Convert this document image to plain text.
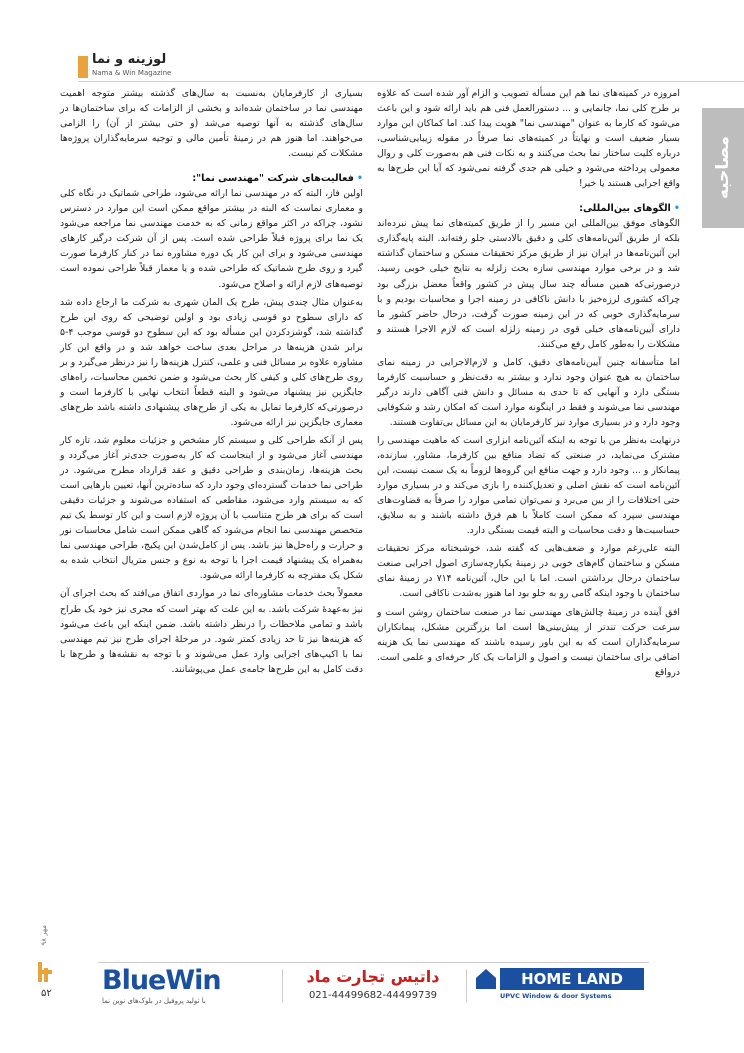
لوزینه و نما
Nama & Win Magazine
مصاحبه

امروزه در کمیته‌های نما هم این مسأله تصویب و الزام آور شده است که علاوه بر طرح کلی نما، جانمایی و ... دستورالعمل فنی هم باید ارائه شود و این باعث می‌شود که کارما به عنوان "مهندسی نما" هویت پیدا کند. اما کماکان این موارد بسیار ضعیف است و نهایتاً در کمیته‌های نما صرفاً در مقوله زیبایی‌شناسی، درباره کلیت ساختار نما بحث می‌کنند و به نکات فنی هم به‌صورت کلی و روال معمولی پرداخته می‌شود و خیلی هم جدی گرفته نمی‌شود که آیا این طرح‌ها به واقع اجرایی هستند یا خیر!

•الگوهای بین‌المللی:

الگوهای موفق بین‌المللی این مسیر را از طریق کمیته‌های نما پیش نبرده‌اند بلکه از طریق آئین‌نامه‌های کلی و دقیق بالادستی جلو رفته‌اند. البته پایه‌گذاری این آئین‌نامه‌ها در ایران نیز از طریق مرکز تحقیقات مسکن و ساختمان گذاشته شد و در برخی موارد مهندسی سازه بحث زلزله به نتایج خیلی خوبی رسید. درصورتی‌که همین مسأله چند سال پیش در کشور واقعاً معضل بزرگی بود چراکه کشوری لرزه‌خیز با دانش ناکافی در زمینه اجرا و محاسبات بودیم و با سرمایه‌گذاری خوبی که در این زمینه صورت گرفت، درحال حاضر کشور ما دارای آیین‌نامه‌های خیلی قوی در زمینه زلزله است که لازم الاجرا هستند و مشکلات را به‌طور کامل رفع می‌کنند.

اما متأسفانه چنین آیین‌نامه‌های دقیق، کامل و لازم‌الاجرایی در زمینه نمای ساختمان به هیچ عنوان وجود ندارد و بیشتر به دقت‌نظر و حساسیت کارفرما بستگی دارد و آنهایی که تا حدی به مسائل و دانش فنی آگاهی دارند درگیر مهندسی نما می‌شوند و فقط در اینگونه موارد است که امکان رشد و شکوفایی وجود دارد و در بسیاری موارد نیز کارفرمایان به این مسائل بی‌تفاوت هستند.

درنهایت به‌نظر من با توجه به اینکه آئین‌نامه ابزاری است که ماهیت مهندسی را مشترک می‌نماید، در صنعتی که تضاد منافع بین کارفرما، مشاور، سازنده، پیمانکار و ... وجود دارد و جهت منافع این گروه‌ها لزوماً به یک سمت نیست، این آئین‌نامه است که نقش اصلی و تعدیل‌کننده را بازی می‌کند و در بسیاری موارد حتی اختلافات را از بین می‌برد و نمی‌توان تمامی موارد را صرفاً به قضاوت‌های مهندسی سپرد که ممکن است کاملاً با هم فرق داشته باشند و به سلایق، حساسیت‌ها و دقت محاسبات و البته قیمت بستگی دارد.

البته علی‌رغم موارد و ضعف‌هایی که گفته شد، خوشبختانه مرکز تحقیقات مسکن و ساختمان گام‌های خوبی در زمینهٔ یکپارچه‌سازی اصول اجرایی صنعت ساختمان درحال برداشتن است. اما با این حال، آئین‌نامه ۷۱۴ در زمینهٔ نمای ساختمان با وجود اینکه گامی رو به جلو بود اما هنوز به‌شدت ناکافی است.

افق آینده در زمینهٔ چالش‌های مهندسی نما در صنعت ساختمان روشن است و سرعت حرکت تندتر از پیش‌بینی‌ها است اما بزرگترین مشکل، پیمانکاران سرمایه‌گذاران است که به این باور رسیده باشند که مهندسی نما یک هزینه اضافی برای ساختمان نیست و اصول و الزامات یک کار حرفه‌ای و علمی است. درواقع

بسیاری از کارفرمایان به‌نسبت به سال‌های گذشته بیشتر متوجه اهمیت مهندسی نما در ساختمان شده‌اند و بخشی از الزامات که برای ساختمان‌ها در سال‌های گذشته به آنها توصیه می‌شد (و حتی بیشتر از آن) را الزامی می‌خواهند. اما هنوز هم در زمینهٔ تأمین مالی و توجیه سرمایه‌گذاران پروژه‌ها مشکلات کم نیست.

•فعالیت‌های شرکت "مهندسی نما":

اولین فاز، البته که در مهندسی نما ارائه می‌شود، طراحی شماتیک در نگاه کلی و معماری نماست که البته در بیشتر مواقع ممکن است این موارد در دسترس نشود، چراکه در اکثر مواقع زمانی که به خدمت مهندسی نما مراجعه می‌شود یک نما برای پروژه قبلاً طراحی شده است. پس از آن شرکت درگیر کارهای مهندسی می‌شود و برای این کار یک دوره مشاوره نما در کنار کارفرما صورت گیرد و روی طرح شماتیک که طراحی شده و یا معمار قبلاً طراحی نموده است توصیه‌های لازم ارائه و اصلاح می‌شود.

به‌عنوان مثال چندی پیش، طرح یک المان شهری به شرکت ما ارجاع داده شد که دارای سطوح دو قوسی زیادی بود و اولین توضیحی که روی این طرح گذاشته شد، گوشزدکردن این مسأله بود که این سطوح دو قوسی موجب ۴-۵ برابر شدن هزینه‌ها در مراحل بعدی ساخت خواهد شد و در واقع این کار مشاوره علاوه بر مسائل فنی و علمی، کنترل هزینه‌ها را نیز درنظر می‌گیرد و بر روی طرح‌های کلی و کیفی کار بحث می‌شود و ضمن تخمین محاسبات، راه‌های جایگزین نیز پیشنهاد می‌شود و البته قطعاً انتخاب نهایی با کارفرما است و درصورتی‌که کارفرما تمایل به یکی از طرح‌های پیشنهادی داشته باشد طرح‌های معماری جایگزین نیز ارائه می‌شود.

پس از آنکه طراحی کلی و سیستم کار مشخص و جزئیات معلوم شد، تازه کار مهندسی آغاز می‌شود و از اینجاست که کار به‌صورت جدی‌تر آغاز می‌گردد و بحث هزینه‌ها، زمان‌بندی و طراحی دقیق و عقد قرارداد مطرح می‌شود. در طراحی نما خدمات گسترده‌ای وجود دارد که ساده‌ترین آنها، تعیین بارهایی است که به سیستم وارد می‌شود، مقاطعی که استفاده می‌شوند و جزئیات دقیقی است که برای هر طرح متناسب با آن پروژه لازم است و این کار توسط یک تیم متخصص مهندسی نما انجام می‌شود که گاهی ممکن است شامل محاسبات نور و حرارت و راه‌حل‌ها نیز باشد. پس از کامل‌شدن این پکیج، طراحی مهندسی نما به‌همراه یک پیشنهاد قیمت اجرا با توجه به نوع و جنس متریال انتخاب شده به شکل یک مفترچه به کارفرما ارائه می‌شود.

معمولاً بحث خدمات مشاوره‌ای نما در مواردی اتفاق می‌افتد که بحث اجرای آن نیز به‌عهدهٔ شرکت باشد. به این علت که بهتر است که مجری نیز خود یک طراح باشد و تمامی ملاحظات را درنظر داشته باشد. ضمن اینکه این باعث می‌شود که هزینه‌ها نیز تا حد زیادی کمتر شود. در مرحلهٔ اجرای طرح نیز تیم مهندسی نما با اکیپ‌های اجرایی وارد عمل می‌شوند و با توجه به نقشه‌ها و طرح‌ها با دقت کامل به این طرح‌ها جامه‌ی عمل می‌پوشانند.

مهر ۹۸
۵۲ BlueWin
با تولید پروفیل در بلوک‌های نوین نما
داتیس تجارت ماد
021-44499682-44499739
HOME LAND
UPVC Window & door Systems
